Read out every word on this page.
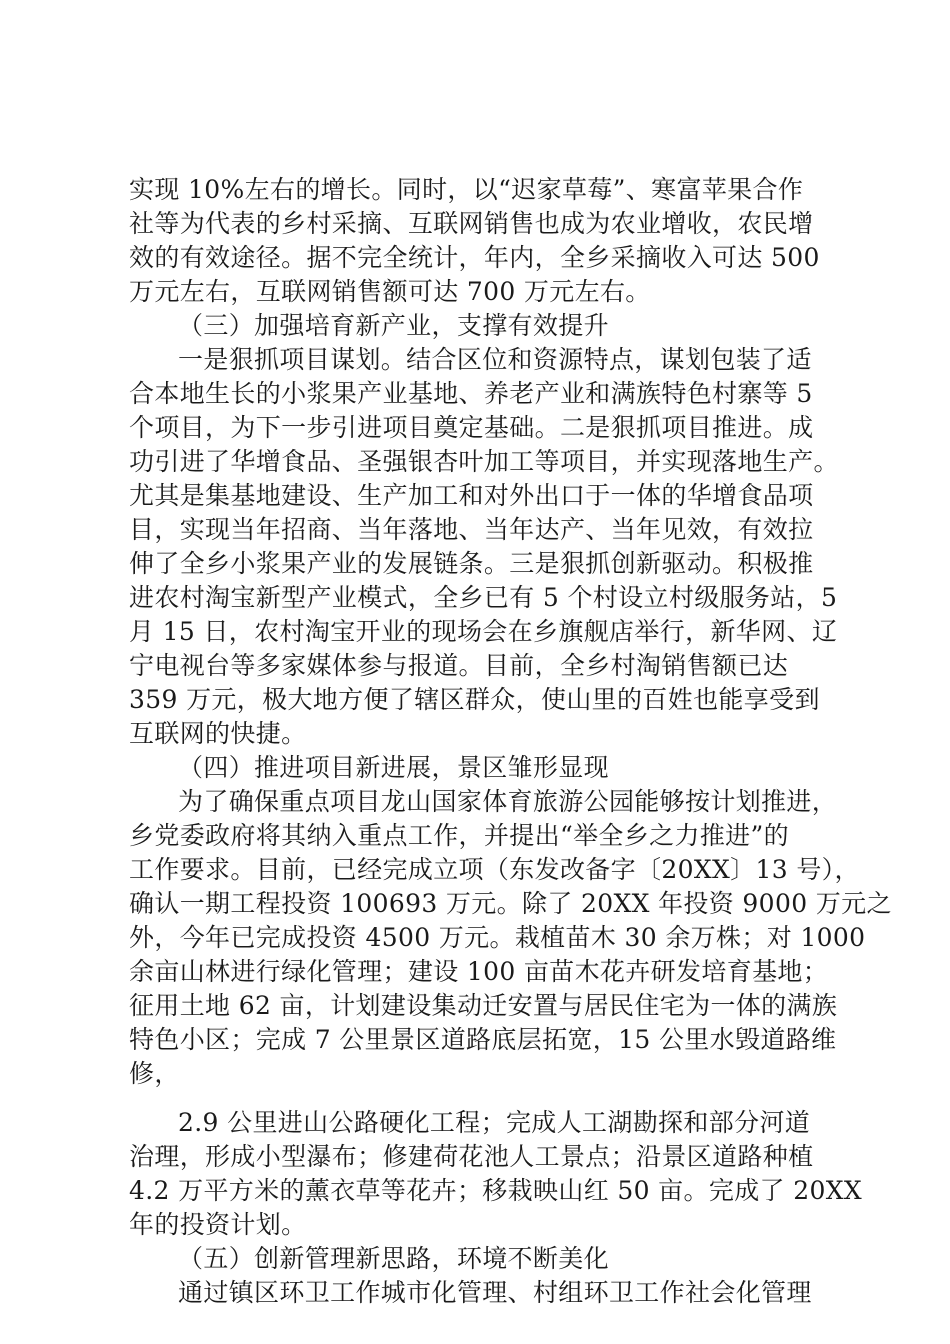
实现 10%左右的增长。同时，以“迟家草莓”、寒富苹果合作
社等为代表的乡村采摘、互联网销售也成为农业增收，农民增
效的有效途径。据不完全统计，年内，全乡采摘收入可达 500
万元左右，互联网销售额可达 700 万元左右。
（三）加强培育新产业，支撑有效提升
一是狠抓项目谋划。结合区位和资源特点，谋划包装了适
合本地生长的小浆果产业基地、养老产业和满族特色村寨等 5
个项目，为下一步引进项目奠定基础。二是狠抓项目推进。成
功引进了华增食品、圣强银杏叶加工等项目，并实现落地生产。
尤其是集基地建设、生产加工和对外出口于一体的华增食品项
目，实现当年招商、当年落地、当年达产、当年见效，有效拉
伸了全乡小浆果产业的发展链条。三是狠抓创新驱动。积极推
进农村淘宝新型产业模式，全乡已有 5 个村设立村级服务站，5
月 15 日，农村淘宝开业的现场会在乡旗舰店举行，新华网、辽
宁电视台等多家媒体参与报道。目前，全乡村淘销售额已达
359 万元，极大地方便了辖区群众，使山里的百姓也能享受到
互联网的快捷。
（四）推进项目新进展，景区雏形显现
为了确保重点项目龙山国家体育旅游公园能够按计划推进，
乡党委政府将其纳入重点工作，并提出“举全乡之力推进”的
工作要求。目前，已经完成立项（东发改备字〔20XX〕13 号），
确认一期工程投资 100693 万元。除了 20XX 年投资 9000 万元之
外，今年已完成投资 4500 万元。栽植苗木 30 余万株；对 1000
余亩山林进行绿化管理；建设 100 亩苗木花卉研发培育基地；
征用土地 62 亩，计划建设集动迁安置与居民住宅为一体的满族
特色小区；完成 7 公里景区道路底层拓宽，15 公里水毁道路维
修，
2.9 公里进山公路硬化工程；完成人工湖勘探和部分河道
治理，形成小型瀑布；修建荷花池人工景点；沿景区道路种植
4.2 万平方米的薰衣草等花卉；移栽映山红 50 亩。完成了 20XX
年的投资计划。
（五）创新管理新思路，环境不断美化
通过镇区环卫工作城市化管理、村组环卫工作社会化管理
